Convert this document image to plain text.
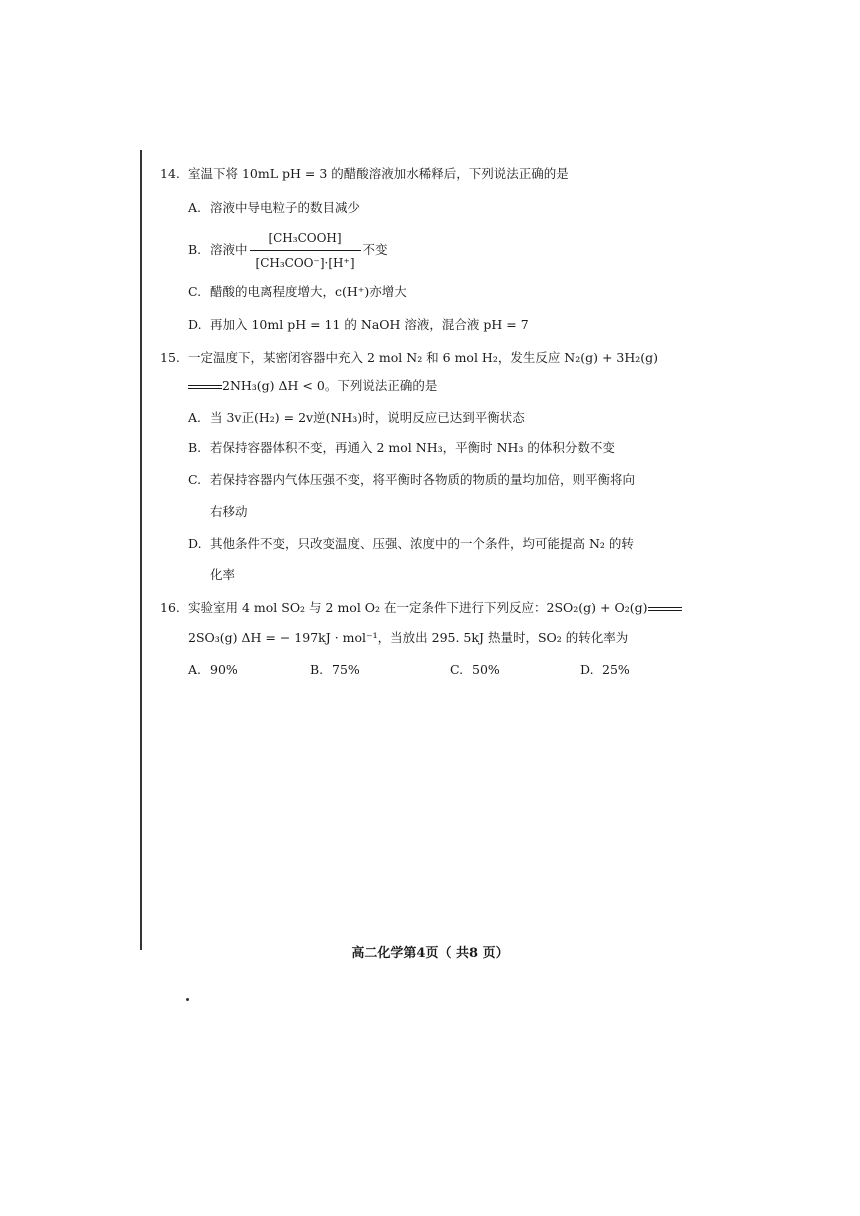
14. 室温下将 10mL pH = 3 的醋酸溶液加水稀释后，下列说法正确的是
A. 溶液中导电粒子的数目减少
B. 溶液中 $\frac{\text{[CH₃COOH]}}{\text{[CH₃COO⁻]·[H⁺]}}$ 不变
C. 醋酸的电离程度增大，c(H⁺)亦增大
D. 再加入 10ml pH = 11 的 NaOH 溶液，混合液 pH = 7
15. 一定温度下，某密闭容器中充入 2 mol N₂ 和 6 mol H₂，发生反应 N₂(g) + 3H₂(g)
2NH₃(g) ΔH < 0。下列说法正确的是
A. 当 3v正(H₂) = 2v逆(NH₃)时，说明反应已达到平衡状态
B. 若保持容器体积不变，再通入 2 mol NH₃，平衡时 NH₃ 的体积分数不变
C. 若保持容器内气体压强不变，将平衡时各物质的物质的量均加倍，则平衡将向
右移动
D. 其他条件不变，只改变温度、压强、浓度中的一个条件，均可能提高 N₂ 的转
化率
16. 实验室用 4 mol SO₂ 与 2 mol O₂ 在一定条件下进行下列反应：2SO₂(g) + O₂(g)
2SO₃(g) ΔH = − 197kJ · mol⁻¹，当放出 295. 5kJ 热量时，SO₂ 的转化率为
A. 90%	B. 75%	C. 50%	D. 25%
高二化学第4页（ 共8 页）
